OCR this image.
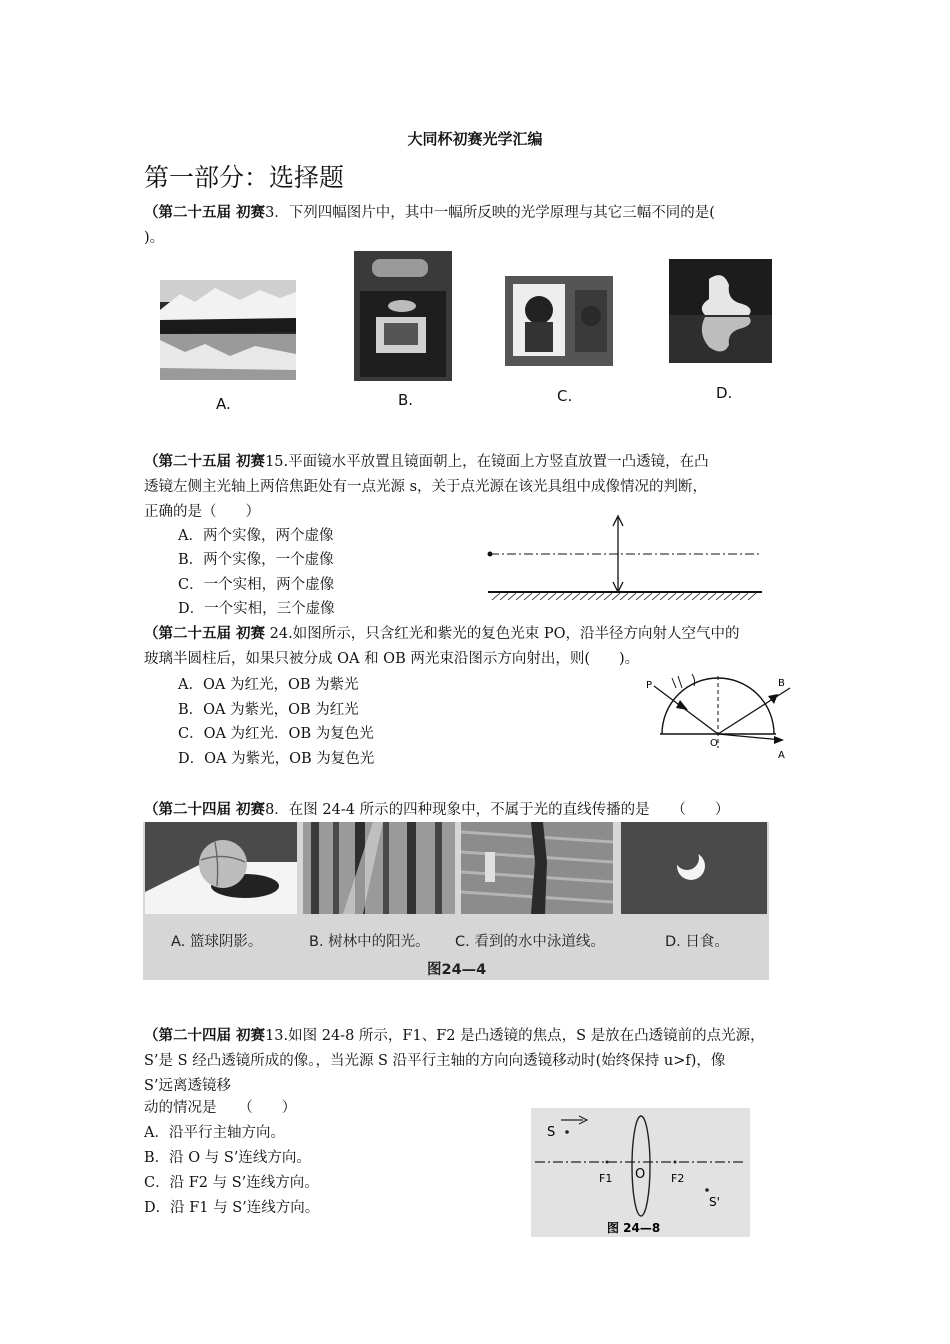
大同杯初赛光学汇编
第一部分：选择题
（第二十五届 初赛3．下列四幅图片中，其中一幅所反映的光学原理与其它三幅不同的是(
)。
A.	B.	C.	D.
（第二十五届 初赛15.平面镜水平放置且镜面朝上，在镜面上方竖直放置一凸透镜，在凸
透镜左侧主光轴上两倍焦距处有一点光源 s，关于点光源在该光具组中成像情况的判断，
正确的是（　　）
A．两个实像，两个虚像
B．两个实像，一个虚像
C．一个实相，两个虚像
D．一个实相，三个虚像
（第二十五届 初赛 24.如图所示，只含红光和紫光的复色光束 PO，沿半径方向射人空气中的
玻璃半圆柱后，如果只被分成 OA 和 OB 两光束沿图示方向射出，则(　　)。
A．OA 为红光，OB 为紫光
B．OA 为紫光，OB 为红光
C．OA 为红光．OB 为复色光
D．OA 为紫光，OB 为复色光
P	B
O
A
（第二十四届 初赛8．在图 24-4 所示的四种现象中，不属于光的直线传播的是　　（　　）
A. 篮球阴影。	B. 树林中的阳光。 C. 看到的水中泳道线。	D. 日食。
图24—4
（第二十四届 初赛13.如图 24-8 所示，F1、F2 是凸透镜的焦点，S 是放在凸透镜前的点光源，
S’是 S 经凸透镜所成的像。，当光源 S 沿平行主轴的方向向透镜移动时(始终保持 u>f)，像
S’远离透镜移
动的情况是　　（　　）
A．沿平行主轴方向。
B．沿 O 与 S’连线方向。
C．沿 F2 与 S’连线方向。
D．沿 F1 与 S’连线方向。
S
O
F1	F2
S'
图 24—8
